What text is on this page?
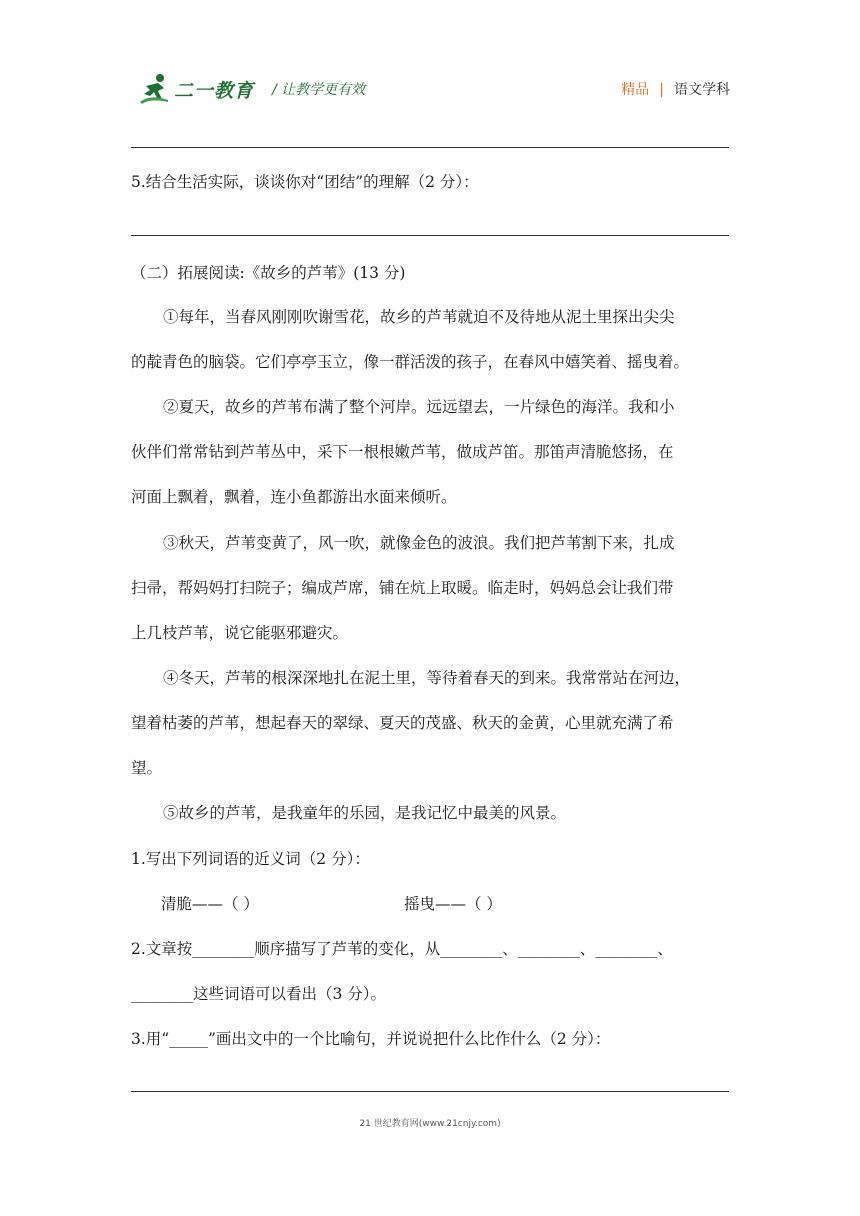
二一教育 / 让教学更有效	精品 | 语文学科
5.结合生活实际，谈谈你对“团结”的理解（2 分）：
（二）拓展阅读:《故乡的芦苇》(13 分)
①每年，当春风刚刚吹谢雪花，故乡的芦苇就迫不及待地从泥土里探出尖尖
的靛青色的脑袋。它们亭亭玉立，像一群活泼的孩子，在春风中嬉笑着、摇曳着。
②夏天，故乡的芦苇布满了整个河岸。远远望去，一片绿色的海洋。我和小
伙伴们常常钻到芦苇丛中，采下一根根嫩芦苇，做成芦笛。那笛声清脆悠扬，在
河面上飘着，飘着，连小鱼都游出水面来倾听。
③秋天，芦苇变黄了，风一吹，就像金色的波浪。我们把芦苇割下来，扎成
扫帚，帮妈妈打扫院子；编成芦席，铺在炕上取暖。临走时，妈妈总会让我们带
上几枝芦苇，说它能驱邪避灾。
④冬天，芦苇的根深深地扎在泥土里，等待着春天的到来。我常常站在河边，
望着枯萎的芦苇，想起春天的翠绿、夏天的茂盛、秋天的金黄，心里就充满了希
望。
⑤故乡的芦苇，是我童年的乐园，是我记忆中最美的风景。
1.写出下列词语的近义词（2 分）：
清脆——（ ）	摇曳——（ ）
2.文章按________顺序描写了芦苇的变化，从________、________、________、
________这些词语可以看出（3 分）。
3.用“_____”画出文中的一个比喻句，并说说把什么比作什么（2 分）：
21 世纪教育网(www.21cnjy.com)
